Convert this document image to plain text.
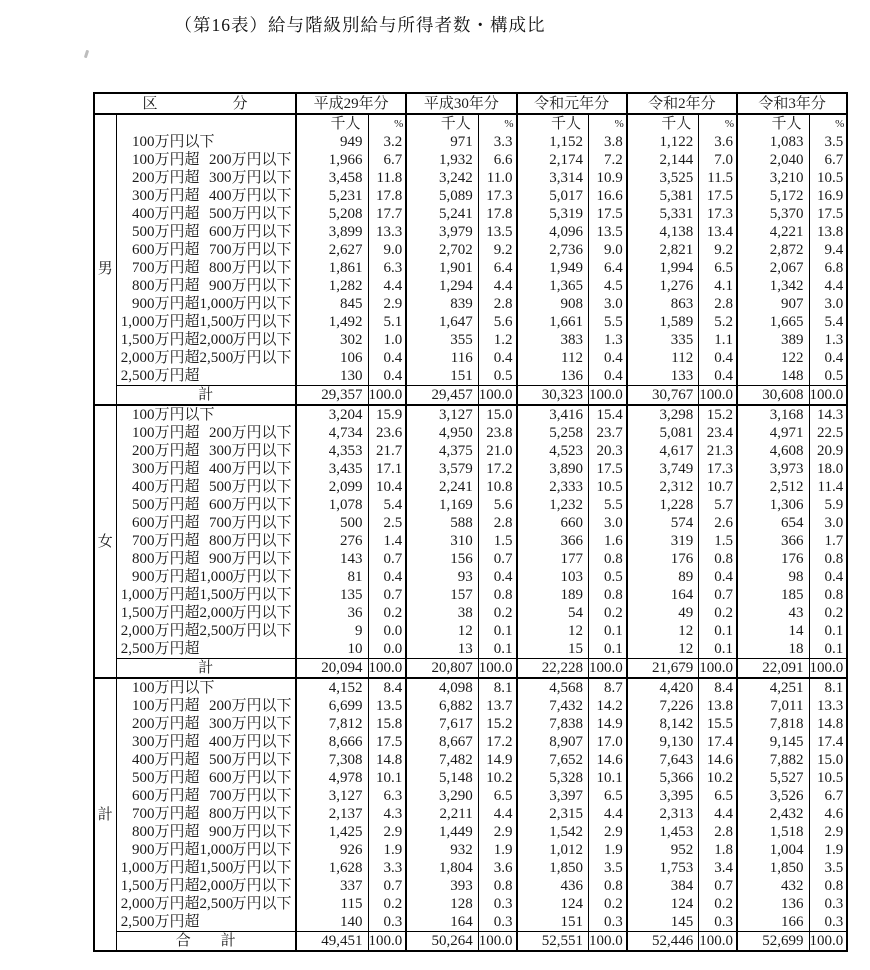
（第16表）給与階級別給与所得者数・構成比
区　　　　　分		平成29年分		平成30年分		令和元年分		令和2年分		令和3年分	
		千人	%	千人	%	千人	%	千人	%	千人	%
男	100万円以下	949	3.2	971	3.3	1,152	3.8	1,122	3.6	1,083	3.5
	100万円超 200万円以下	1,966	6.7	1,932	6.6	2,174	7.2	2,144	7.0	2,040	6.7
	200万円超 300万円以下	3,458	11.8	3,242	11.0	3,314	10.9	3,525	11.5	3,210	10.5
	300万円超 400万円以下	5,231	17.8	5,089	17.3	5,017	16.6	5,381	17.5	5,172	16.9
	400万円超 500万円以下	5,208	17.7	5,241	17.8	5,319	17.5	5,331	17.3	5,370	17.5
	500万円超 600万円以下	3,899	13.3	3,979	13.5	4,096	13.5	4,138	13.4	4,221	13.8
	600万円超 700万円以下	2,627	9.0	2,702	9.2	2,736	9.0	2,821	9.2	2,872	9.4
	700万円超 800万円以下	1,861	6.3	1,901	6.4	1,949	6.4	1,994	6.5	2,067	6.8
	800万円超 900万円以下	1,282	4.4	1,294	4.4	1,365	4.5	1,276	4.1	1,342	4.4
	900万円超1,000万円以下	845	2.9	839	2.8	908	3.0	863	2.8	907	3.0
	1,000万円超1,500万円以下	1,492	5.1	1,647	5.6	1,661	5.5	1,589	5.2	1,665	5.4
	1,500万円超2,000万円以下	302	1.0	355	1.2	383	1.3	335	1.1	389	1.3
	2,000万円超2,500万円以下	106	0.4	116	0.4	112	0.4	112	0.4	122	0.4
	2,500万円超	130	0.4	151	0.5	136	0.4	133	0.4	148	0.5
	計	29,357	100.0	29,457	100.0	30,323	100.0	30,767	100.0	30,608	100.0
女	100万円以下	3,204	15.9	3,127	15.0	3,416	15.4	3,298	15.2	3,168	14.3
	100万円超 200万円以下	4,734	23.6	4,950	23.8	5,258	23.7	5,081	23.4	4,971	22.5
	200万円超 300万円以下	4,353	21.7	4,375	21.0	4,523	20.3	4,617	21.3	4,608	20.9
	300万円超 400万円以下	3,435	17.1	3,579	17.2	3,890	17.5	3,749	17.3	3,973	18.0
	400万円超 500万円以下	2,099	10.4	2,241	10.8	2,333	10.5	2,312	10.7	2,512	11.4
	500万円超 600万円以下	1,078	5.4	1,169	5.6	1,232	5.5	1,228	5.7	1,306	5.9
	600万円超 700万円以下	500	2.5	588	2.8	660	3.0	574	2.6	654	3.0
	700万円超 800万円以下	276	1.4	310	1.5	366	1.6	319	1.5	366	1.7
	800万円超 900万円以下	143	0.7	156	0.7	177	0.8	176	0.8	176	0.8
	900万円超1,000万円以下	81	0.4	93	0.4	103	0.5	89	0.4	98	0.4
	1,000万円超1,500万円以下	135	0.7	157	0.8	189	0.8	164	0.7	185	0.8
	1,500万円超2,000万円以下	36	0.2	38	0.2	54	0.2	49	0.2	43	0.2
	2,000万円超2,500万円以下	9	0.0	12	0.1	12	0.1	12	0.1	14	0.1
	2,500万円超	10	0.0	13	0.1	15	0.1	12	0.1	18	0.1
	計	20,094	100.0	20,807	100.0	22,228	100.0	21,679	100.0	22,091	100.0
計	100万円以下	4,152	8.4	4,098	8.1	4,568	8.7	4,420	8.4	4,251	8.1
	100万円超 200万円以下	6,699	13.5	6,882	13.7	7,432	14.2	7,226	13.8	7,011	13.3
	200万円超 300万円以下	7,812	15.8	7,617	15.2	7,838	14.9	8,142	15.5	7,818	14.8
	300万円超 400万円以下	8,666	17.5	8,667	17.2	8,907	17.0	9,130	17.4	9,145	17.4
	400万円超 500万円以下	7,308	14.8	7,482	14.9	7,652	14.6	7,643	14.6	7,882	15.0
	500万円超 600万円以下	4,978	10.1	5,148	10.2	5,328	10.1	5,366	10.2	5,527	10.5
	600万円超 700万円以下	3,127	6.3	3,290	6.5	3,397	6.5	3,395	6.5	3,526	6.7
	700万円超 800万円以下	2,137	4.3	2,211	4.4	2,315	4.4	2,313	4.4	2,432	4.6
	800万円超 900万円以下	1,425	2.9	1,449	2.9	1,542	2.9	1,453	2.8	1,518	2.9
	900万円超1,000万円以下	926	1.9	932	1.9	1,012	1.9	952	1.8	1,004	1.9
	1,000万円超1,500万円以下	1,628	3.3	1,804	3.6	1,850	3.5	1,753	3.4	1,850	3.5
	1,500万円超2,000万円以下	337	0.7	393	0.8	436	0.8	384	0.7	432	0.8
	2,000万円超2,500万円以下	115	0.2	128	0.3	124	0.2	124	0.2	136	0.3
	2,500万円超	140	0.3	164	0.3	151	0.3	145	0.3	166	0.3
	合　　計	49,451	100.0	50,264	100.0	52,551	100.0	52,446	100.0	52,699	100.0
